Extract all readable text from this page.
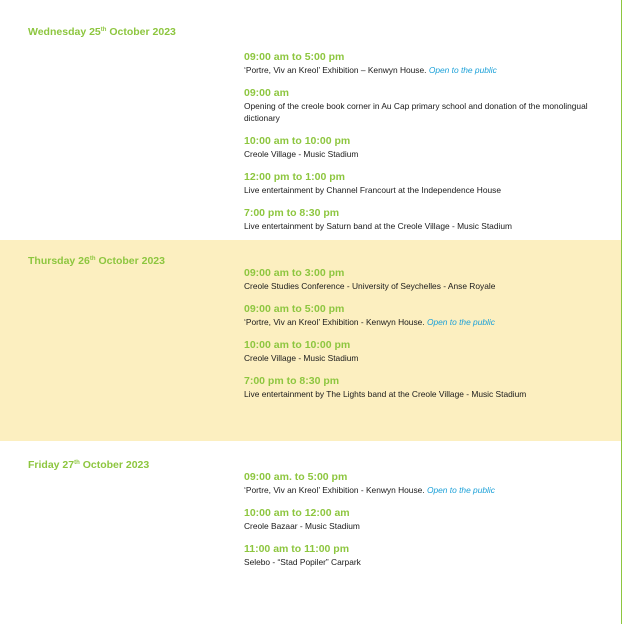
Wednesday 25th October 2023
09:00 am to 5:00 pm
‘Portre, Viv an Kreol’ Exhibition – Kenwyn House. Open to the public
09:00 am
Opening of the creole book corner in Au Cap primary school and donation of the monolingual dictionary
10:00 am to 10:00 pm
Creole Village - Music Stadium
12:00 pm to 1:00 pm
Live entertainment by Channel Francourt at the Independence House
7:00 pm to 8:30 pm
Live entertainment by Saturn band at the Creole Village - Music Stadium
Thursday 26th October 2023
09:00 am to 3:00 pm
Creole Studies Conference - University of Seychelles - Anse Royale
09:00 am to 5:00 pm
‘Portre, Viv an Kreol’ Exhibition - Kenwyn House. Open to the public
10:00 am to 10:00 pm
Creole Village - Music Stadium
7:00 pm to 8:30 pm
Live entertainment by The Lights band at the Creole Village - Music Stadium
Friday 27th October 2023
09:00 am. to 5:00 pm
‘Portre, Viv an Kreol’ Exhibition - Kenwyn House. Open to the public
10:00 am to 12:00 am
Creole Bazaar - Music Stadium
11:00 am to 11:00 pm
Selebo - “Stad Popiler” Carpark
